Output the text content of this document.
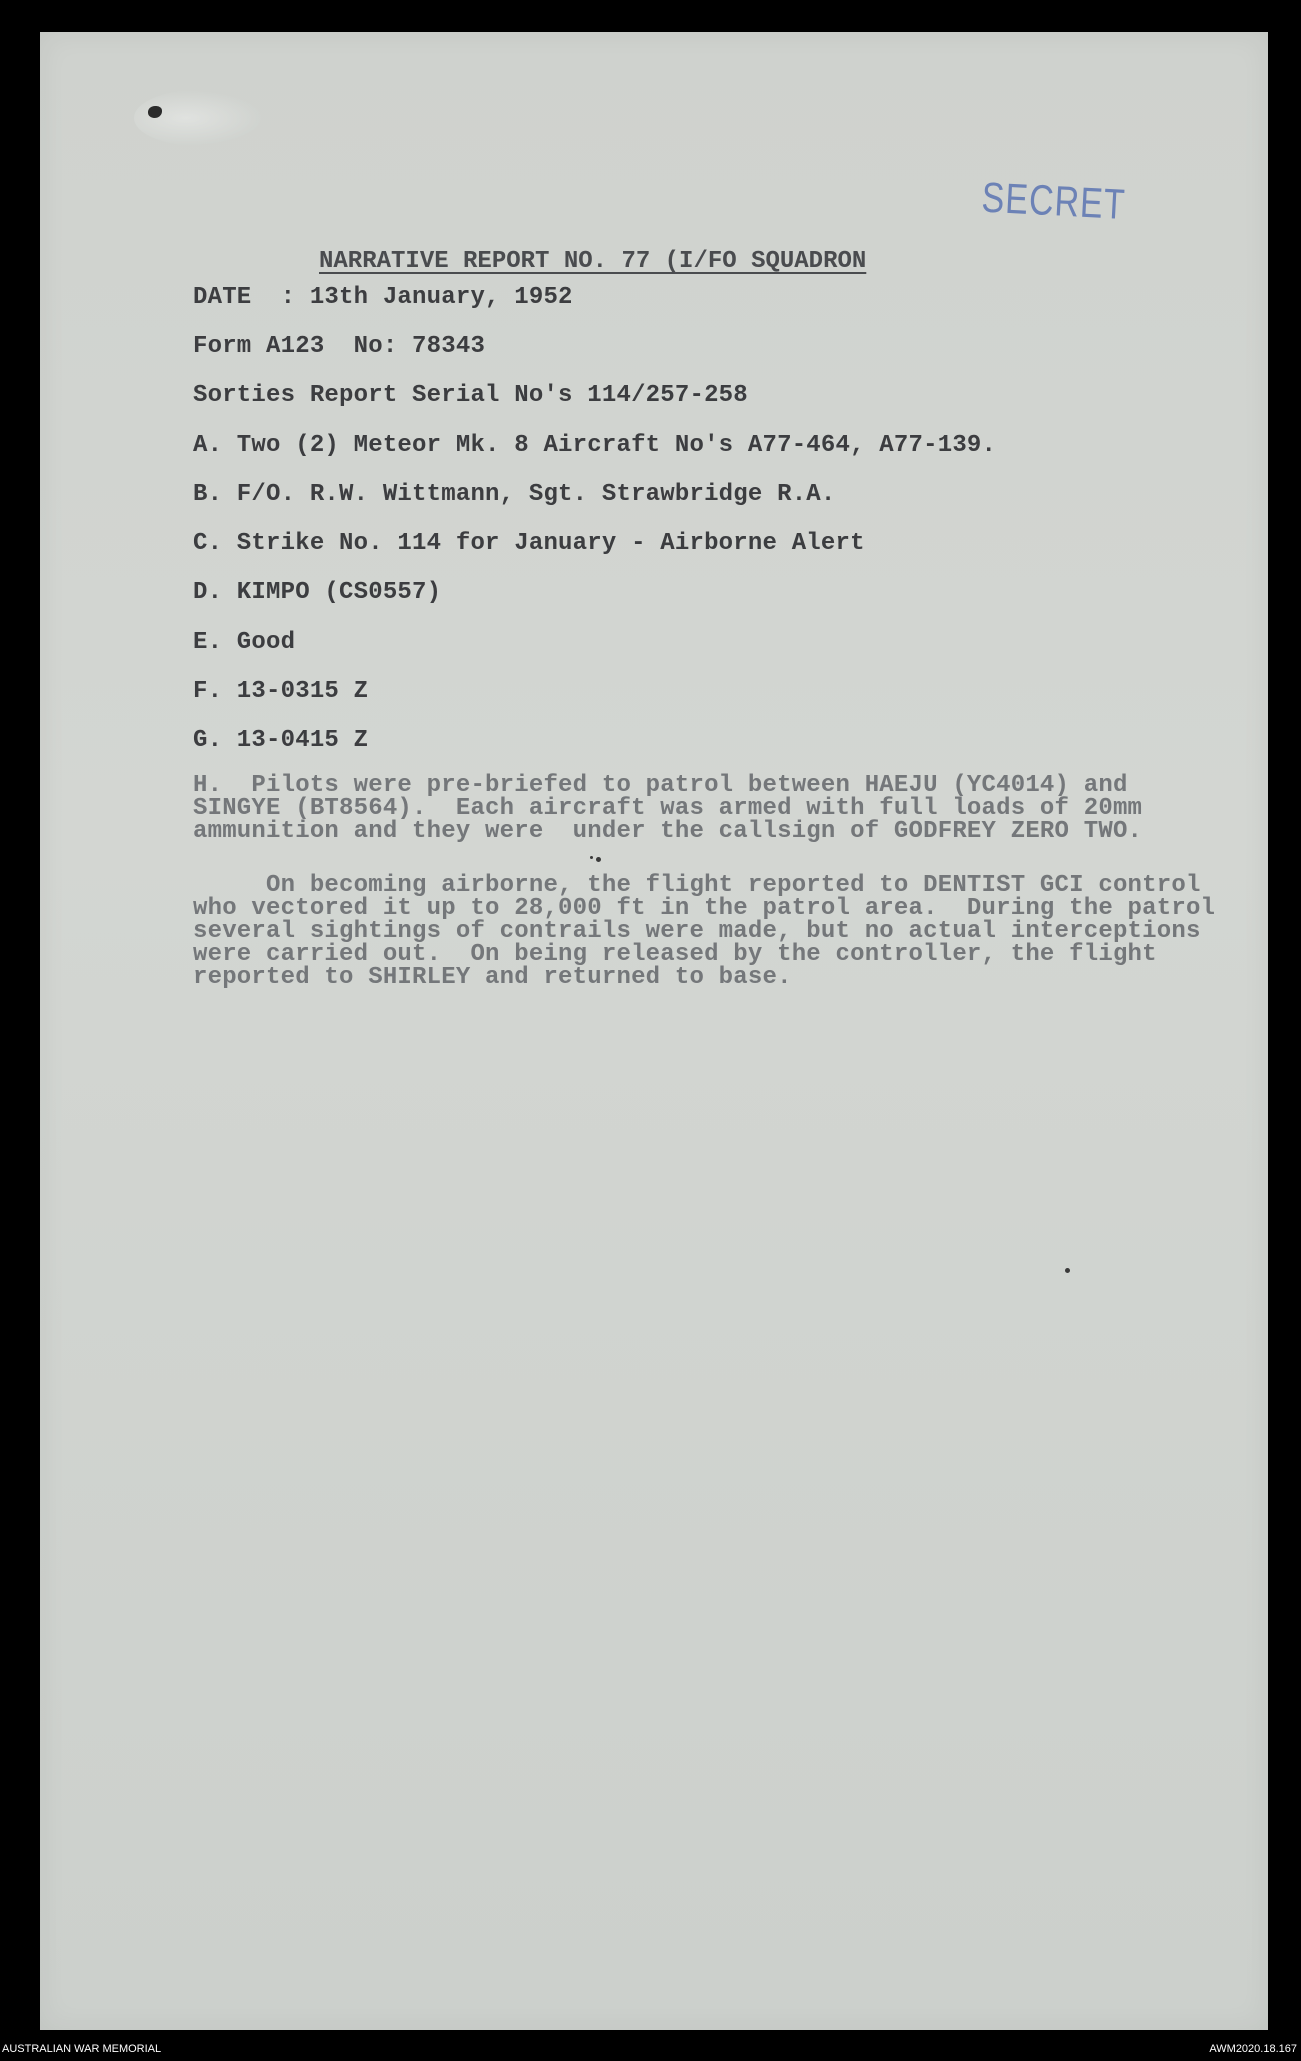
SECRET
NARRATIVE REPORT NO. 77 (I/FO SQUADRON

DATE  : 13th January, 1952

Form A123  No: 78343

Sorties Report Serial No's 114/257-258

A. Two (2) Meteor Mk. 8 Aircraft No's A77-464, A77-139.

B. F/O. R.W. Wittmann, Sgt. Strawbridge R.A.

C. Strike No. 114 for January - Airborne Alert

D. KIMPO (CS0557)

E. Good

F. 13-0315 Z

G. 13-0415 Z

H.  Pilots were pre-briefed to patrol between HAEJU (YC4014) and

SINGYE (BT8564).  Each aircraft was armed with full loads of 20mm

ammunition and they were  under the callsign of GODFREY ZERO TWO.

On becoming airborne, the flight reported to DENTIST GCI control

who vectored it up to 28,000 ft in the patrol area.  During the patrol

several sightings of contrails were made, but no actual interceptions

were carried out.  On being released by the controller, the flight

reported to SHIRLEY and returned to base.

AUSTRALIAN WAR MEMORIAL	AWM2020.18.167
